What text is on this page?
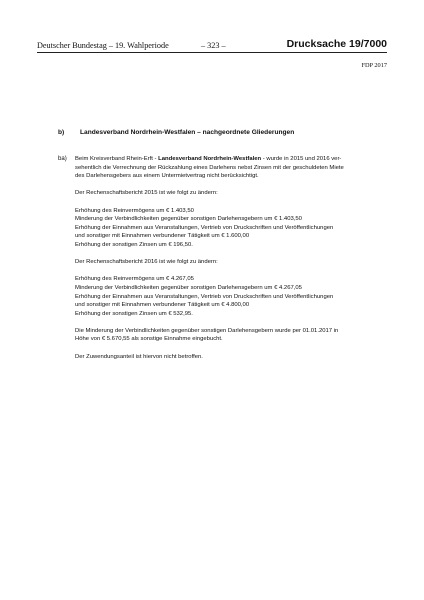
Deutscher Bundestag – 19. Wahlperiode	– 323 –	Drucksache 19/7000
FDP 2017
b) Landesverband Nordrhein-Westfalen – nachgeordnete Gliederungen
ba) Beim Kreisverband Rhein-Erft - Landesverband Nordrhein-Westfalen - wurde in 2015 und 2016 ver-

sehentlich die Verrechnung der Rückzahlung eines Darlehens nebst Zinsen mit der geschuldeten Miete

des Darlehensgebers aus einem Untermietvertrag nicht berücksichtigt.

Der Rechenschaftsbericht 2015 ist wie folgt zu ändern:

Erhöhung des Reinvermögens um € 1.403,50

Minderung der Verbindlichkeiten gegenüber sonstigen Darlehensgebern um € 1.403,50

Erhöhung der Einnahmen aus Veranstaltungen, Vertrieb von Druckschriften und Veröffentlichungen

und sonstiger mit Einnahmen verbundener Tätigkeit um € 1.600,00

Erhöhung der sonstigen Zinsen um € 196,50.

Der Rechenschaftsbericht 2016 ist wie folgt zu ändern:

Erhöhung des Reinvermögens um € 4.267,05

Minderung der Verbindlichkeiten gegenüber sonstigen Darlehensgebern um € 4.267,05

Erhöhung der Einnahmen aus Veranstaltungen, Vertrieb von Druckschriften und Veröffentlichungen

und sonstiger mit Einnahmen verbundener Tätigkeit um € 4.800,00

Erhöhung der sonstigen Zinsen um € 532,95.

Die Minderung der Verbindlichkeiten gegenüber sonstigen Darlehensgebern wurde per 01.01.2017 in

Höhe von € 5.670,55 als sonstige Einnahme eingebucht.

Der Zuwendungsanteil ist hiervon nicht betroffen.
